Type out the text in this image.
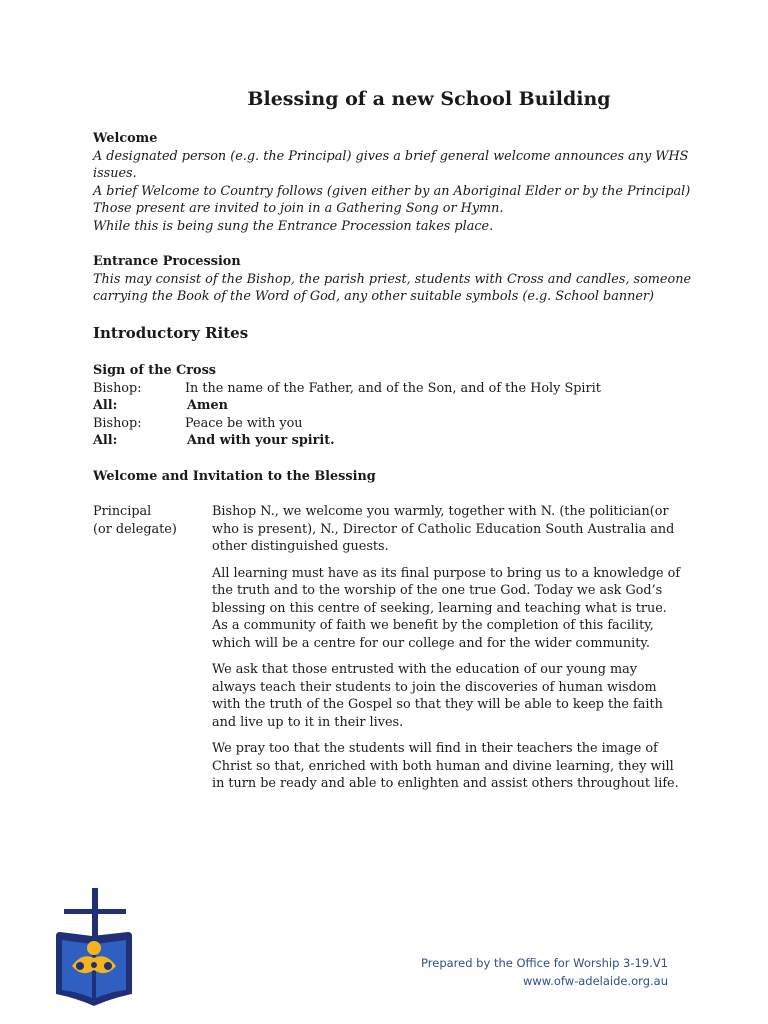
Blessing of a new School Building
Welcome
A designated person (e.g. the Principal) gives a brief general welcome announces any WHS
issues.
A brief Welcome to Country follows (given either by an Aboriginal Elder or by the Principal)
Those present are invited to join in a Gathering Song or Hymn.
While this is being sung the Entrance Procession takes place.
Entrance Procession
This may consist of the Bishop, the parish priest, students with Cross and candles, someone
carrying the Book of the Word of God, any other suitable symbols (e.g. School banner)
Introductory Rites
Sign of the Cross
Bishop:	In the name of the Father, and of the Son, and of the Holy Spirit
All:	Amen
Bishop:	Peace be with you
All:	And with your spirit.
Welcome and Invitation to the Blessing
Principal
(or delegate)

Bishop N., we welcome you warmly, together with N. (the politician(or who is present), N., Director of Catholic Education South Australia and other distinguished guests.

All learning must have as its final purpose to bring us to a knowledge of the truth and to the worship of the one true God. Today we ask God’s blessing on this centre of seeking, learning and teaching what is true. As a community of faith we benefit by the completion of this facility, which will be a centre for our college and for the wider community.

We ask that those entrusted with the education of our young may always teach their students to join the discoveries of human wisdom with the truth of the Gospel so that they will be able to keep the faith and live up to it in their lives.

We pray too that the students will find in their teachers the image of Christ so that, enriched with both human and divine learning, they will in turn be ready and able to enlighten and assist others throughout life.

Prepared by the Office for Worship 3-19.V1
www.ofw-adelaide.org.au
